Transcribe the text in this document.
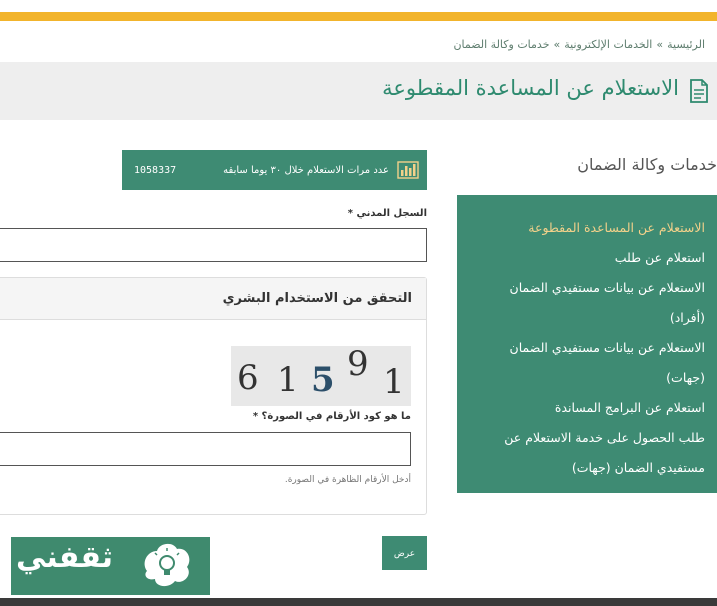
الرئيسية
»
الخدمات الإلكترونية
»
خدمات وكالة الضمان
الاستعلام عن المساعدة المقطوعة
خدمات وكالة الضمان
الاستعلام عن المساعدة المقطوعة
استعلام عن طلب
الاستعلام عن بيانات مستفيدي الضمان
(أفراد)
الاستعلام عن بيانات مستفيدي الضمان
(جهات)
استعلام عن البرامج المساندة
طلب الحصول على خدمة الاستعلام عن
مستفيدي الضمان (جهات)
عدد مرات الاستعلام خلال ٣٠ يوما سابقه
1058337
السجل المدني *
التحقق من الاستخدام البشري
6 1 5 9 1
ما هو كود الأرقام في الصورة؟ *
أدخل الأرقام الظاهرة في الصورة.
عرض
ثقفني
